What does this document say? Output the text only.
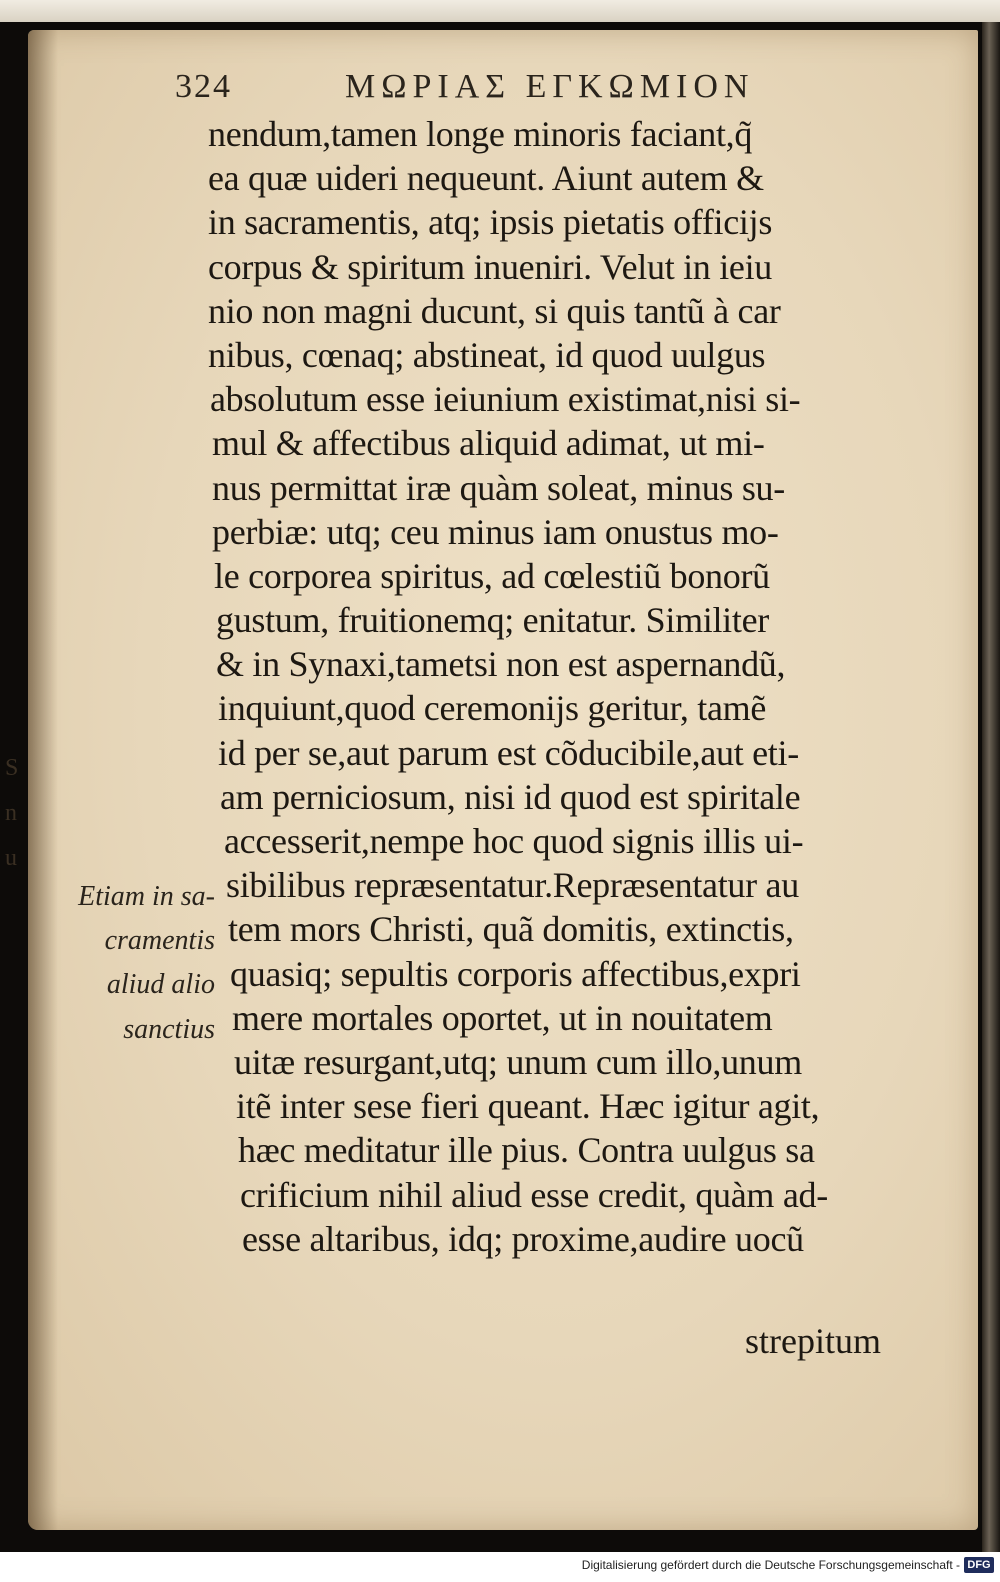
324	ΜΩΡΙΑΣ ΕΓΚΩΜΙΟΝ
nendum,tamen longe minoris faciant,q̃
ea quæ uideri nequeunt. Aiunt autem &
in sacramentis, atq; ipsis pietatis officijs
corpus & spiritum inueniri. Velut in ieiu
nio non magni ducunt, si quis tantũ à car
nibus, cœnaq; abstineat, id quod uulgus
absolutum esse ieiunium existimat,nisi si-
mul & affectibus aliquid adimat, ut mi-
nus permittat iræ quàm soleat, minus su-
perbiæ: utq; ceu minus iam onustus mo-
le corporea spiritus, ad cœlestiũ bonorũ
gustum, fruitionemq; enitatur. Similiter
& in Synaxi,tametsi non est aspernandũ,
inquiunt,quod ceremonijs geritur, tamẽ
id per se,aut parum est cõducibile,aut eti-
am perniciosum, nisi id quod est spiritale
accesserit,nempe hoc quod signis illis ui-
sibilibus repræsentatur.Repræsentatur au
tem mors Christi, quã domitis, extinctis,
quasiq; sepultis corporis affectibus,expri
mere mortales oportet, ut in nouitatem
uitæ resurgant,utq; unum cum illo,unum
itẽ inter sese fieri queant. Hæc igitur agit,
hæc meditatur ille pius. Contra uulgus sa
crificium nihil aliud esse credit, quàm ad-
esse altaribus, idq; proxime,audire uocũ
strepitum
Etiam in sa-
cramentis
aliud alio
sanctius
S
n
u
Digitalisierung gefördert durch die Deutsche Forschungsgemeinschaft - DFG
